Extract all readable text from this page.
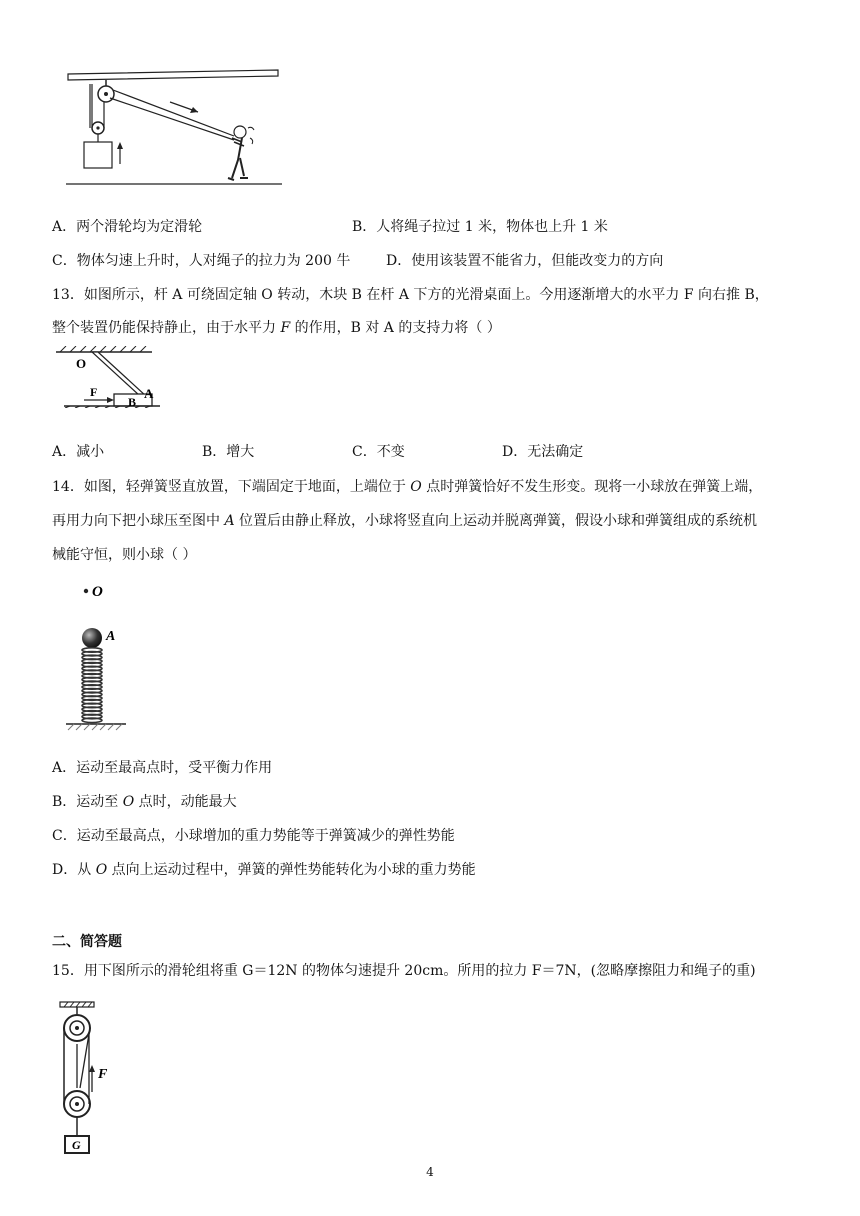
A．两个滑轮均为定滑轮	B．人将绳子拉过 1 米，物体也上升 1 米
C．物体匀速上升时，人对绳子的拉力为 200 牛	D．使用该装置不能省力，但能改变力的方向
13．如图所示，杆 A 可绕固定轴 O 转动，木块 B 在杆 A 下方的光滑桌面上。今用逐渐增大的水平力 F 向右推 B，
整个装置仍能保持静止，由于水平力 F 的作用，B 对 A 的支持力将（ ）
O
A
B
F
A．减小	B．增大	C．不变	D．无法确定
14．如图，轻弹簧竖直放置，下端固定于地面，上端位于 O 点时弹簧恰好不发生形变。现将一小球放在弹簧上端，
再用力向下把小球压至图中 A 位置后由静止释放，小球将竖直向上运动并脱离弹簧，假设小球和弹簧组成的系统机
械能守恒，则小球（ ）
O
A
A．运动至最高点时，受平衡力作用
B．运动至 O 点时，动能最大
C．运动至最高点，小球增加的重力势能等于弹簧减少的弹性势能
D．从 O 点向上运动过程中，弹簧的弹性势能转化为小球的重力势能
二、简答题
15．用下图所示的滑轮组将重 G＝12N 的物体匀速提升 20cm。所用的拉力 F＝7N，(忽略摩擦阻力和绳子的重)
F
G
4
